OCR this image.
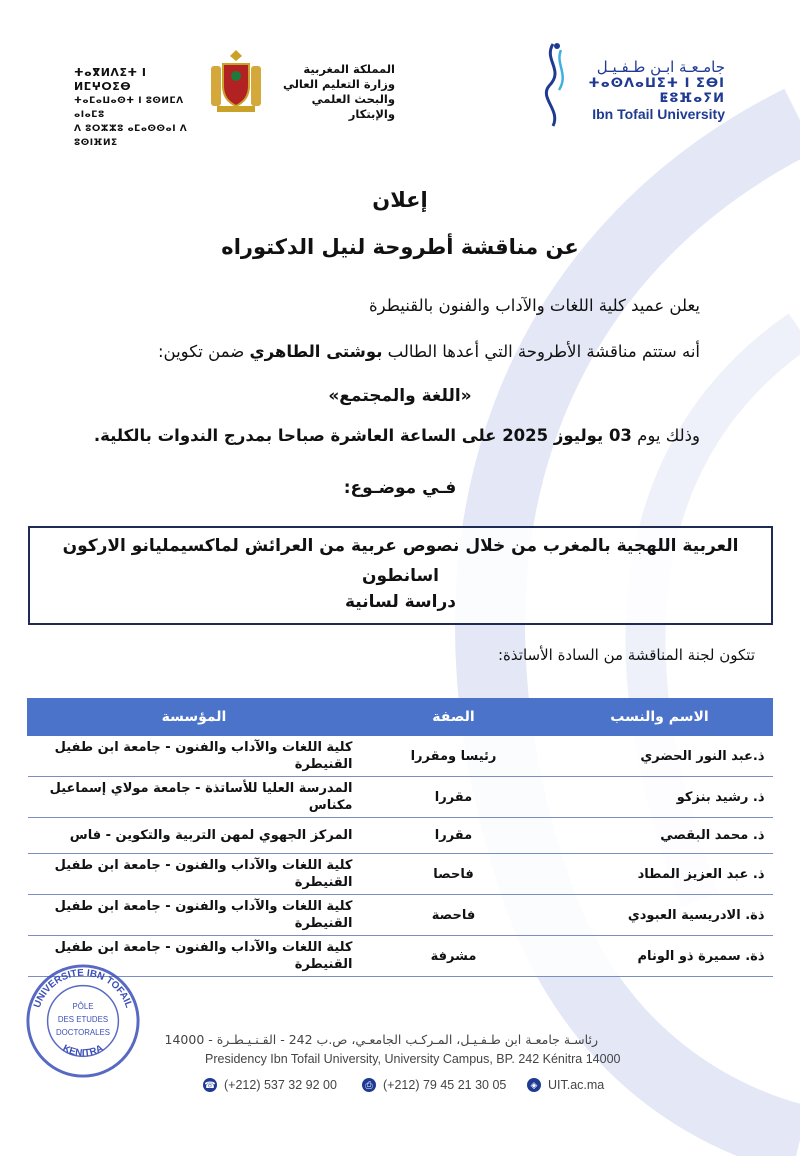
جامـعـة ابـن طـفـيـل
ⵜⴰⵙⴷⴰⵡⵉⵜ ⵏ ⵉⴱⵏ ⵟⵓⴼⴰⵢⵍ
Ibn Tofail University
المملكة المغربية
وزارة التعليم العالي
والبحث العلمي والإبتكار
ⵜⴰⴳⵍⴷⵉⵜ ⵏ ⵍⵎⵖⵔⵉⴱ
ⵜⴰⵎⴰⵡⴰⵙⵜ ⵏ ⵓⵙⵍⵎⴷ ⴰⵏⴰⵎⵓ
ⴷ ⵓⵔⵣⵣⵓ ⴰⵎⴰⵙⵙⴰⵏ ⴷ ⵓⵙⵏⴼⵍⵉ
إعلان
عن مناقشة أطروحة لنيل الدكتوراه
يعلن عميد كلية اللغات والآداب والفنون بالقنيطرة
أنه ستتم مناقشة الأطروحة التي أعدها الطالب بوشتى الطاهري ضمن تكوين:
«اللغة والمجتمع»
وذلك يوم 03 يوليوز 2025 على الساعة العاشرة صباحا بمدرج الندوات بالكلية.
فـي موضـوع:
العربية اللهجية بالمغرب من خلال نصوص عربية من العرائش لماكسيمليانو الاركون
اسانطون
دراسة لسانية
تتكون لجنة المناقشة من السادة الأساتذة:
الاسم والنسب	الصفة	المؤسسة
ذ.عبد النور الحضري	رئيسا ومقررا	كلية اللغات والآداب والفنون - جامعة ابن طفيل القنيطرة
ذ. رشيد بنزكو	مقررا	المدرسة العليا للأساتذة - جامعة مولاي إسماعيل مكناس
ذ. محمد البقصي	مقررا	المركز الجهوي لمهن التربية والتكوين - فاس
ذ. عبد العزيز المطاد	فاحصا	كلية اللغات والآداب والفنون - جامعة ابن طفيل القنيطرة
ذة. الادريسية العبودي	فاحصة	كلية اللغات والآداب والفنون - جامعة ابن طفيل القنيطرة
ذة. سميرة ذو الونام	مشرفة	كلية اللغات والآداب والفنون - جامعة ابن طفيل القنيطرة
UNIVERSITE IBN TOFAIL
KENITRA
PÔLE
DES ETUDES
DOCTORALES	رئاسـة جامعـة ابن طـفـيـل، المـركـب الجامعـي، ص.ب 242 - القـنـيـطـرة - 14000
Presidency Ibn Tofail University, University Campus, BP. 242 Kénitra 14000
☎ (+212) 537 32 92 00	⎙ (+212) 79 45 21 30 05	◈ UIT.ac.ma
